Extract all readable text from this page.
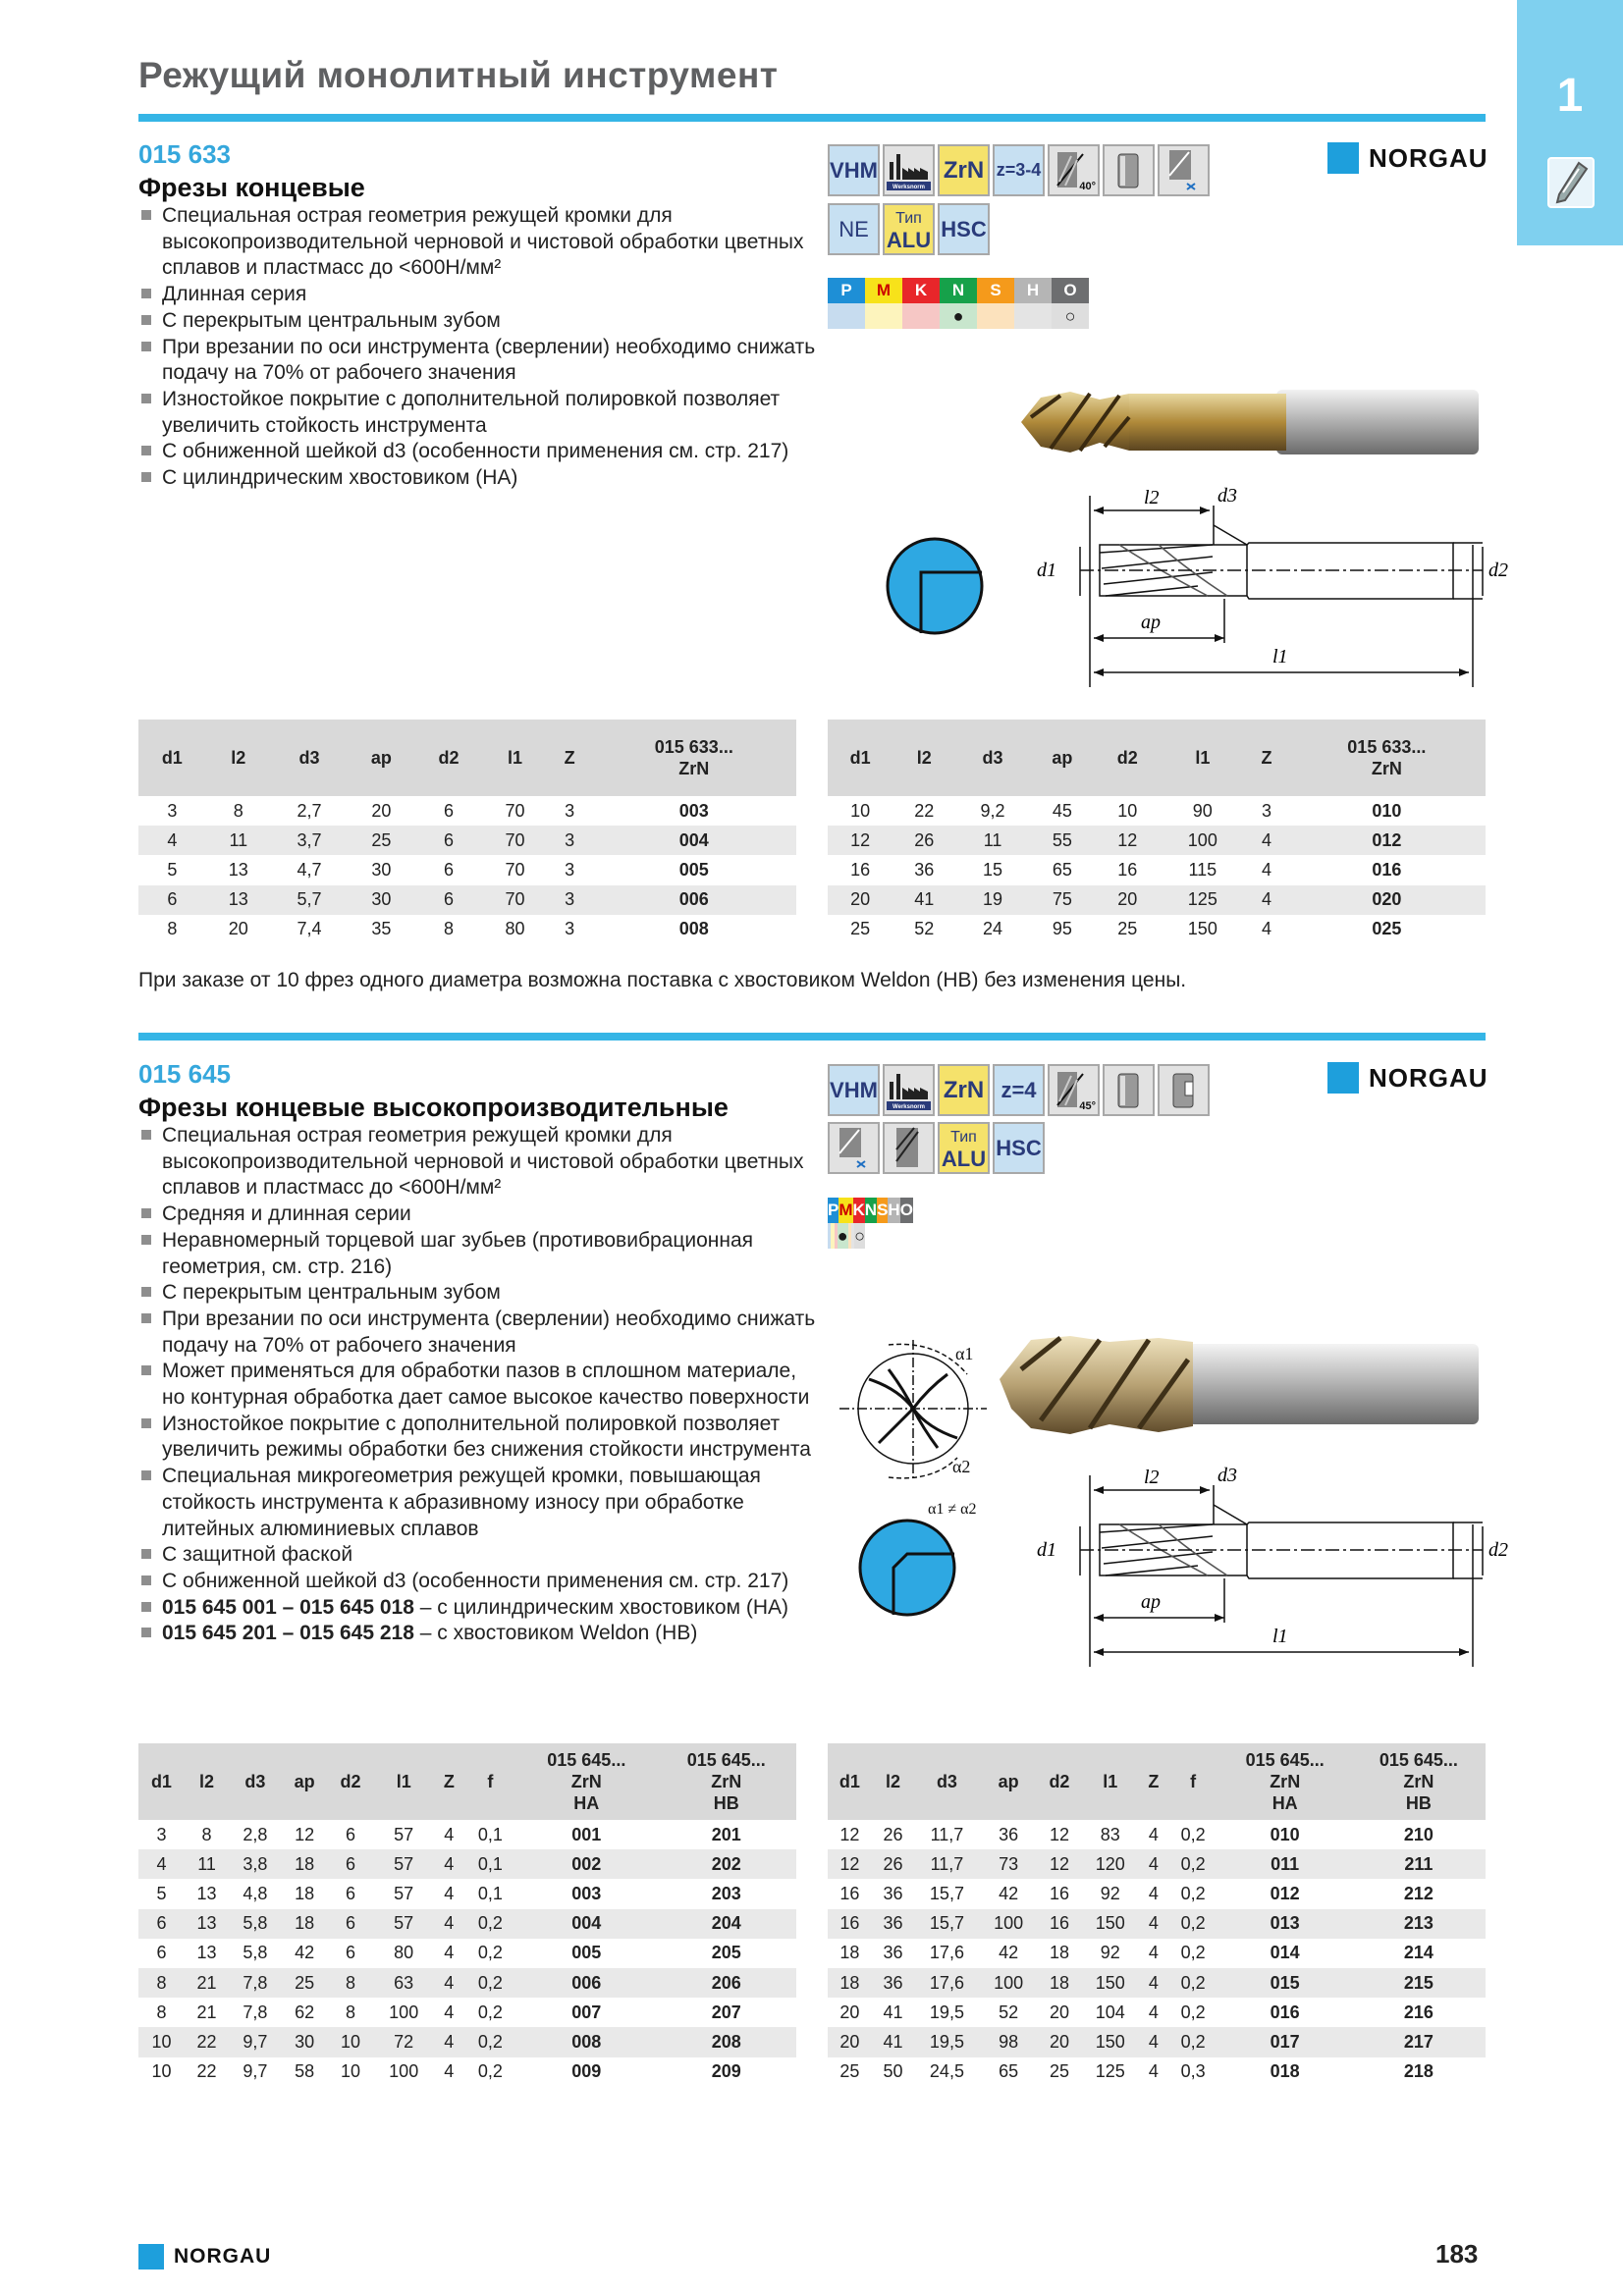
Режущий монолитный инструмент	1
015 633
Фрезы концевые
Специальная острая геометрия режущей кромки для высокопроизводительной черновой и чистовой обработки цветных сплавов и пластмасс до <600Н/мм²
Длинная серия
С перекрытым центральным зубом
При врезании по оси инструмента (сверлении) необходимо снижать подачу на 70% от рабочего значения
Изностойкое покрытие с дополнительной полировкой позволяет увеличить стойкость инструмента
С обниженной шейкой d3 (особенности применения см. стр. 217)
С цилиндрическим хвостовиком (HA)
NORGAU
VHM
Werksnorm
ZrN z=3-4
40°
NE	Тип
ALU HSC
P	M	K	N	S	H	O
●	○
l2	d3
d1	d2
ap
l1
d1	l2	d3	ap	d2	l1	Z	015 633...
ZrN
3	8	2,7	20	6	70	3	003
4	11	3,7	25	6	70	3	004
5	13	4,7	30	6	70	3	005
6	13	5,7	30	6	70	3	006
8	20	7,4	35	8	80	3	008
d1	l2	d3	ap	d2	l1	Z	015 633...
ZrN
10	22	9,2	45	10	90	3	010
12	26	11	55	12	100	4	012
16	36	15	65	16	115	4	016
20	41	19	75	20	125	4	020
25	52	24	95	25	150	4	025
При заказе от 10 фрез одного диаметра возможна поставка с хвостовиком Weldon (HB) без изменения цены.
015 645
Фрезы концевые высокопроизводительные
Специальная острая геометрия режущей кромки для высокопроизводительной черновой и чистовой обработки цветных сплавов и пластмасс до <600Н/мм²
Средняя и длинная серии
Неравномерный торцевой шаг зубьев (противовибрационная геометрия, см. стр. 216)
С перекрытым центральным зубом
При врезании по оси инструмента (сверлении) необходимо снижать подачу на 70% от рабочего значения
Может применяться для обработки пазов в сплошном материале, но контурная обработка дает самое высокое качество поверхности
Изностойкое покрытие с дополнительной полировкой позволяет увеличить режимы обработки без снижения стойкости инструмента
Специальная микрогеометрия режущей кромки, повышающая стойкость инструмента к абразивному износу при обработке литейных алюминиевых сплавов
С защитной фаской
С обниженной шейкой d3 (особенности применения см. стр. 217)
015 645 001 – 015 645 018 – с цилиндрическим хвостовиком (HA)
015 645 201 – 015 645 218 – с хвостовиком Weldon (HB)
NORGAU
VHM
Werksnorm
ZrN z=4
45°
Тип
ALU HSC
P M K N S H O
● ○
α1
α2
α1 ≠ α2
l2	d3
d1	d2
ap
l1
d1	l2	d3	ap	d2	l1	Z	f	015 645...
ZrN
HA	015 645...
ZrN
HB
3	8	2,8	12	6	57	4	0,1	001	201
4	11	3,8	18	6	57	4	0,1	002	202
5	13	4,8	18	6	57	4	0,1	003	203
6	13	5,8	18	6	57	4	0,2	004	204
6	13	5,8	42	6	80	4	0,2	005	205
8	21	7,8	25	8	63	4	0,2	006	206
8	21	7,8	62	8	100	4	0,2	007	207
10	22	9,7	30	10	72	4	0,2	008	208
10	22	9,7	58	10	100	4	0,2	009	209
d1	l2	d3	ap	d2	l1	Z	f	015 645...
ZrN
HA	015 645...
ZrN
HB
12	26	11,7	36	12	83	4	0,2	010	210
12	26	11,7	73	12	120	4	0,2	011	211
16	36	15,7	42	16	92	4	0,2	012	212
16	36	15,7	100	16	150	4	0,2	013	213
18	36	17,6	42	18	92	4	0,2	014	214
18	36	17,6	100	18	150	4	0,2	015	215
20	41	19,5	52	20	104	4	0,2	016	216
20	41	19,5	98	20	150	4	0,2	017	217
25	50	24,5	65	25	125	4	0,3	018	218
NORGAU	183
